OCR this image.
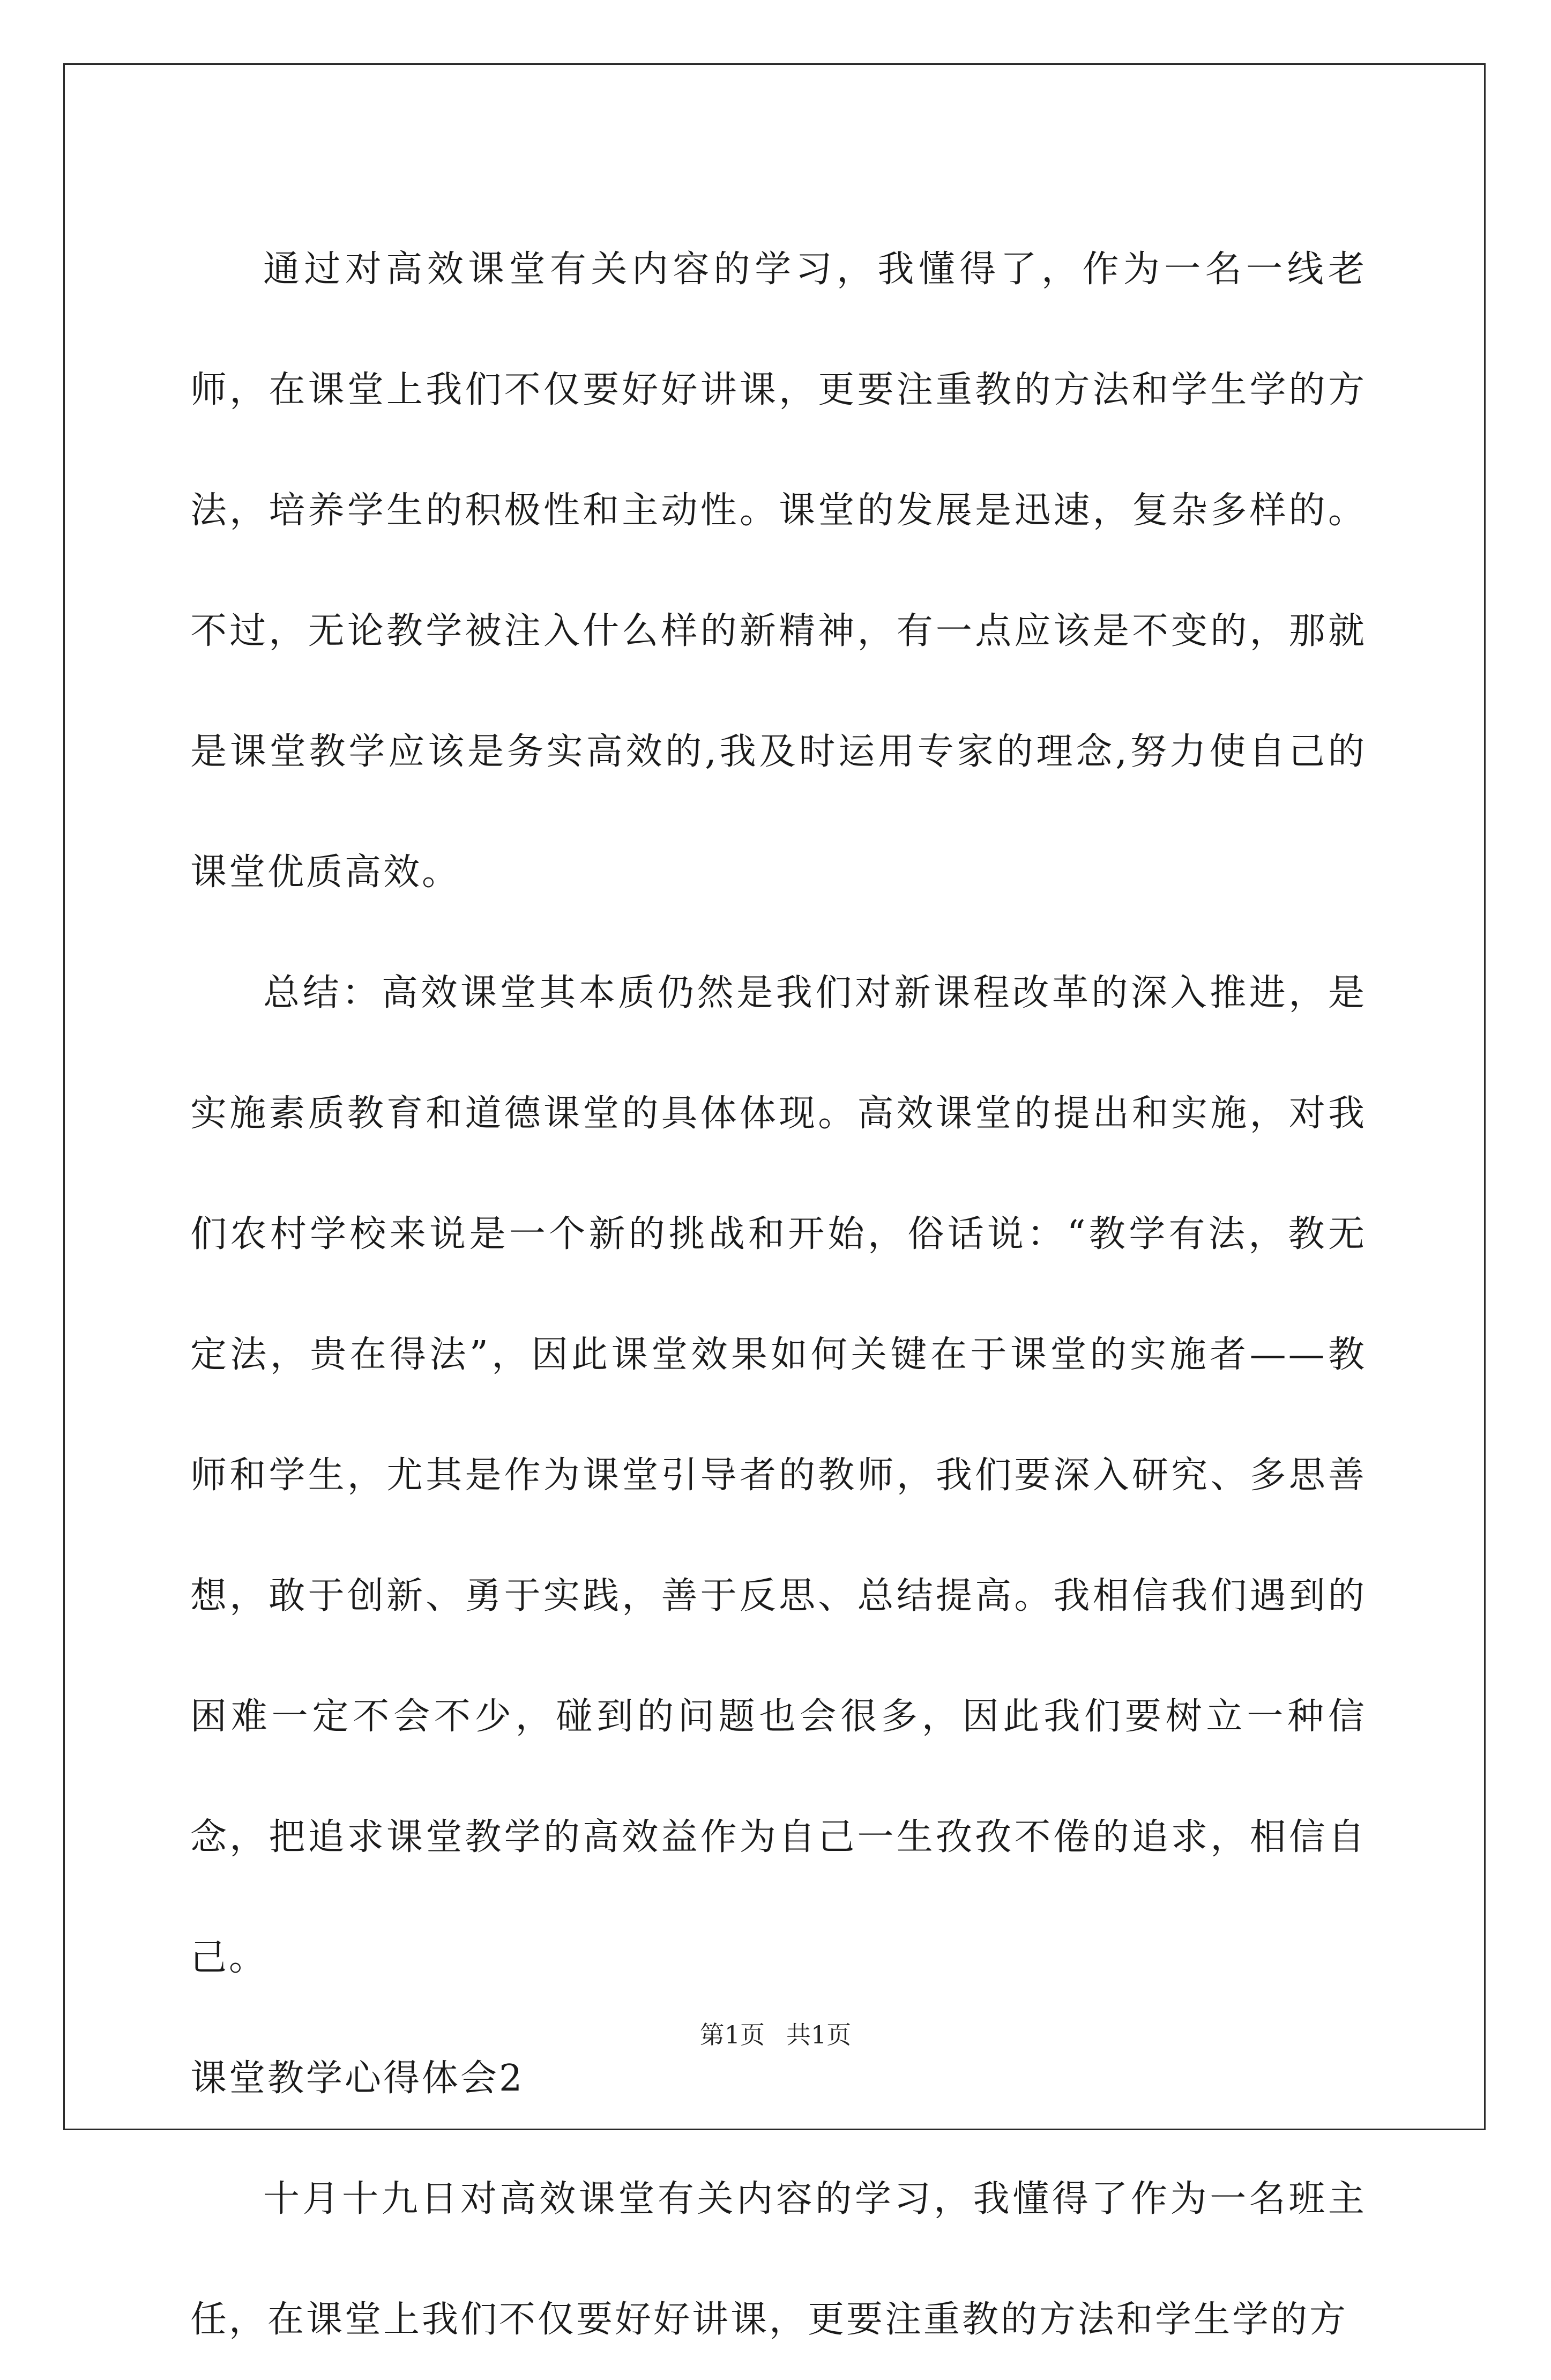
通过对高效课堂有关内容的学习，我懂得了，作为一名一线老师，在课堂上我们不仅要好好讲课，更要注重教的方法和学生学的方法，培养学生的积极性和主动性。课堂的发展是迅速，复杂多样的。不过，无论教学被注入什么样的新精神，有一点应该是不变的，那就是课堂教学应该是务实高效的,我及时运用专家的理念,努力使自己的课堂优质高效。

总结：高效课堂其本质仍然是我们对新课程改革的深入推进，是实施素质教育和道德课堂的具体体现。高效课堂的提出和实施，对我们农村学校来说是一个新的挑战和开始，俗话说：“教学有法，教无定法，贵在得法”，因此课堂效果如何关键在于课堂的实施者——教师和学生，尤其是作为课堂引导者的教师，我们要深入研究、多思善想，敢于创新、勇于实践，善于反思、总结提高。我相信我们遇到的困难一定不会不少，碰到的问题也会很多，因此我们要树立一种信念，把追求课堂教学的高效益作为自己一生孜孜不倦的追求，相信自己。

课堂教学心得体会2

十月十九日对高效课堂有关内容的学习，我懂得了作为一名班主任，在课堂上我们不仅要好好讲课，更要注重教的方法和学生学的方

第1页 共1页
